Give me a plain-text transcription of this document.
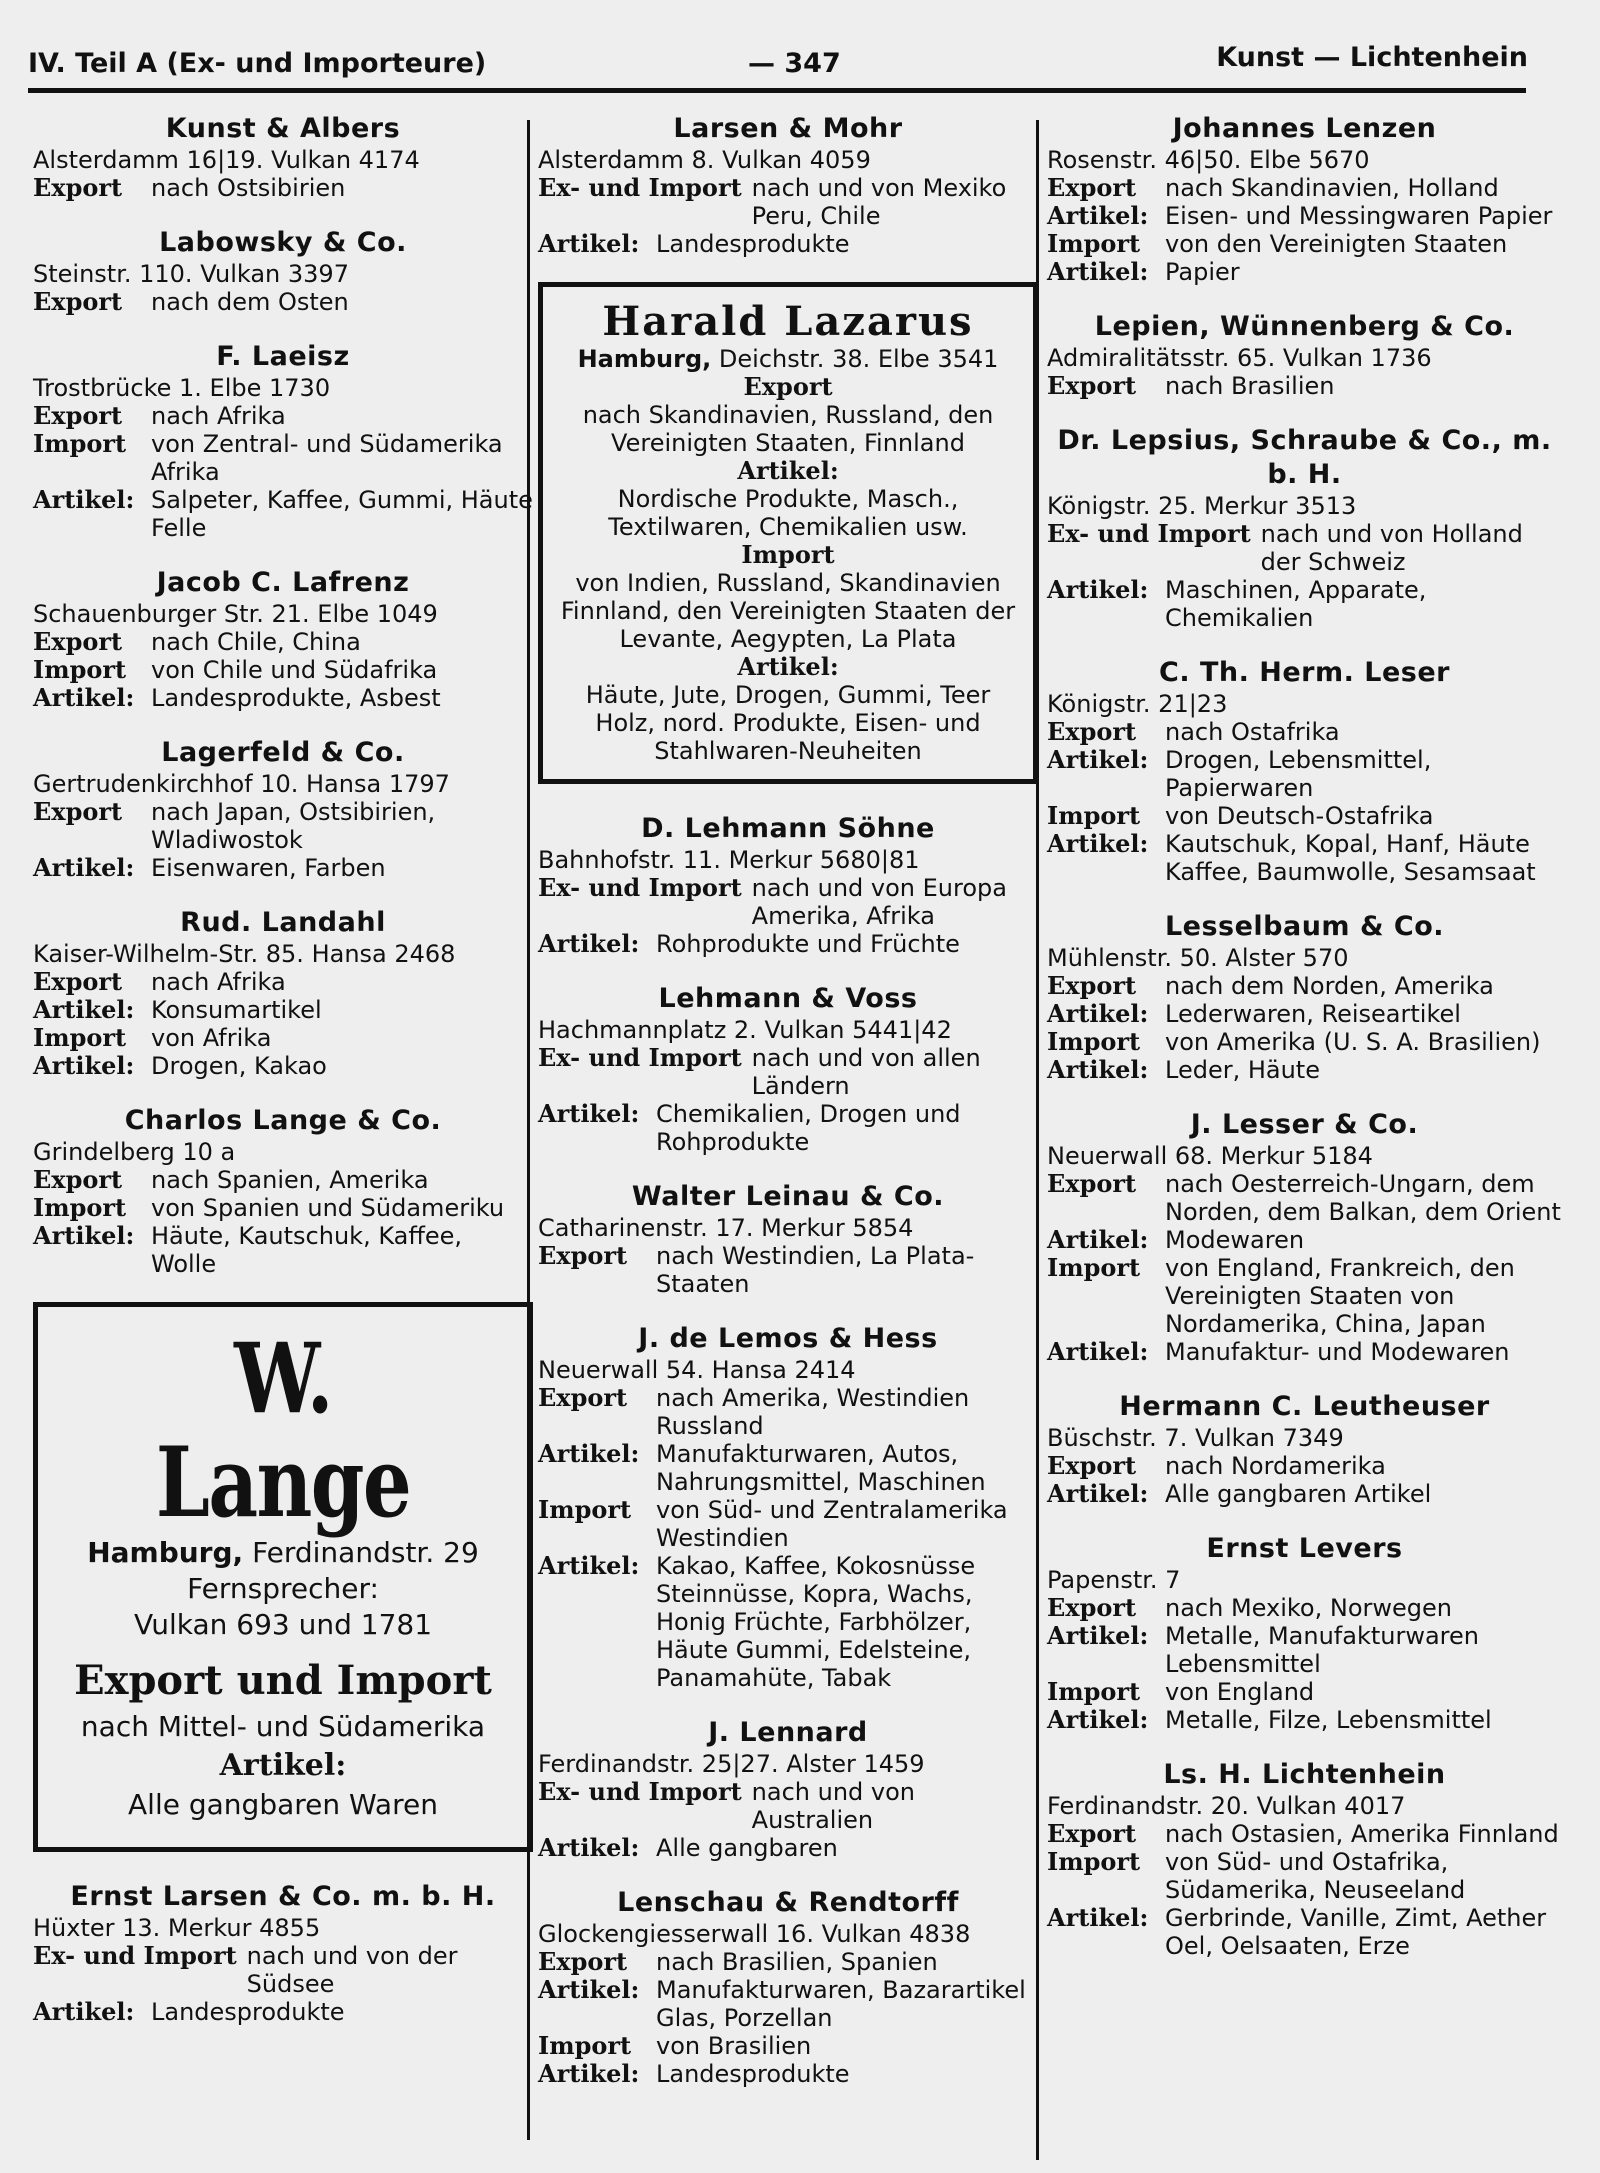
IV. Teil A (Ex- und Importeure)	— 347	Kunst — Lichtenhein
Kunst & Albers
Alsterdamm 16|19. Vulkan 4174
Export	nach Ostsibirien
Labowsky & Co.
Steinstr. 110. Vulkan 3397
Export	nach dem Osten
F. Laeisz
Trostbrücke 1. Elbe 1730
Export	nach Afrika
Import	von Zentral- und Südamerika Afrika
Artikel: Salpeter, Kaffee, Gummi, Häute Felle
Jacob C. Lafrenz
Schauenburger Str. 21. Elbe 1049
Export	nach Chile, China
Import	von Chile und Südafrika
Artikel: Landesprodukte, Asbest
Lagerfeld & Co.
Gertrudenkirchhof 10. Hansa 1797
Export	nach Japan, Ostsibirien, Wladiwostok
Artikel: Eisenwaren, Farben
Rud. Landahl
Kaiser-Wilhelm-Str. 85. Hansa 2468
Export	nach Afrika
Artikel: Konsumartikel
Import	von Afrika
Artikel: Drogen, Kakao
Charlos Lange & Co.
Grindelberg 10 a
Export	nach Spanien, Amerika
Import	von Spanien und Südameriku
Artikel: Häute, Kautschuk, Kaffee, Wolle
W. Lange
Hamburg, Ferdinandstr. 29
Fernsprecher:
Vulkan 693 und 1781
Export und Import
nach Mittel- und Südamerika
Artikel:
Alle gangbaren Waren
Ernst Larsen & Co. m. b. H.
Hüxter 13. Merkur 4855
Ex- und Import nach und von der Südsee
Artikel: Landesprodukte
Larsen & Mohr
Alsterdamm 8. Vulkan 4059
Ex- und Import nach und von Mexiko Peru, Chile
Artikel: Landesprodukte
Harald Lazarus
Hamburg, Deichstr. 38. Elbe 3541
Export
nach Skandinavien, Russland, den Vereinigten Staaten, Finnland
Artikel:
Nordische Produkte, Masch., Textilwaren, Chemikalien usw.
Import
von Indien, Russland, Skandinavien Finnland, den Vereinigten Staaten der Levante, Aegypten, La Plata
Artikel:
Häute, Jute, Drogen, Gummi, Teer Holz, nord. Produkte, Eisen- und Stahlwaren-Neuheiten
D. Lehmann Söhne
Bahnhofstr. 11. Merkur 5680|81
Ex- und Import nach und von Europa Amerika, Afrika
Artikel: Rohprodukte und Früchte
Lehmann & Voss
Hachmannplatz 2. Vulkan 5441|42
Ex- und Import nach und von allen Ländern
Artikel: Chemikalien, Drogen und Rohprodukte
Walter Leinau & Co.
Catharinenstr. 17. Merkur 5854
Export	nach Westindien, La Plata-Staaten
J. de Lemos & Hess
Neuerwall 54. Hansa 2414
Export	nach Amerika, Westindien Russland
Artikel: Manufakturwaren, Autos, Nahrungsmittel, Maschinen
Import	von Süd- und Zentralamerika Westindien
Artikel: Kakao, Kaffee, Kokosnüsse Steinnüsse, Kopra, Wachs, Honig Früchte, Farbhölzer, Häute Gummi, Edelsteine, Panamahüte, Tabak
J. Lennard
Ferdinandstr. 25|27. Alster 1459
Ex- und Import nach und von Australien
Artikel: Alle gangbaren
Lenschau & Rendtorff
Glockengiesserwall 16. Vulkan 4838
Export	nach Brasilien, Spanien
Artikel: Manufakturwaren, Bazarartikel Glas, Porzellan
Import	von Brasilien
Artikel: Landesprodukte
Johannes Lenzen
Rosenstr. 46|50. Elbe 5670
Export	nach Skandinavien, Holland
Artikel: Eisen- und Messingwaren Papier
Import	von den Vereinigten Staaten
Artikel: Papier
Lepien, Wünnenberg & Co.
Admiralitätsstr. 65. Vulkan 1736
Export	nach Brasilien
Dr. Lepsius, Schraube & Co., m. b. H.
Königstr. 25. Merkur 3513
Ex- und Import nach und von Holland der Schweiz
Artikel: Maschinen, Apparate, Chemikalien
C. Th. Herm. Leser
Königstr. 21|23
Export	nach Ostafrika
Artikel: Drogen, Lebensmittel, Papierwaren
Import	von Deutsch-Ostafrika
Artikel: Kautschuk, Kopal, Hanf, Häute Kaffee, Baumwolle, Sesamsaat
Lesselbaum & Co.
Mühlenstr. 50. Alster 570
Export	nach dem Norden, Amerika
Artikel: Lederwaren, Reiseartikel
Import	von Amerika (U. S. A. Brasilien)
Artikel: Leder, Häute
J. Lesser & Co.
Neuerwall 68. Merkur 5184
Export	nach Oesterreich-Ungarn, dem Norden, dem Balkan, dem Orient
Artikel: Modewaren
Import	von England, Frankreich, den Vereinigten Staaten von Nordamerika, China, Japan
Artikel: Manufaktur- und Modewaren
Hermann C. Leutheuser
Büschstr. 7. Vulkan 7349
Export	nach Nordamerika
Artikel: Alle gangbaren Artikel
Ernst Levers
Papenstr. 7
Export	nach Mexiko, Norwegen
Artikel: Metalle, Manufakturwaren Lebensmittel
Import	von England
Artikel: Metalle, Filze, Lebensmittel
Ls. H. Lichtenhein
Ferdinandstr. 20. Vulkan 4017
Export	nach Ostasien, Amerika Finnland
Import	von Süd- und Ostafrika, Südamerika, Neuseeland
Artikel: Gerbrinde, Vanille, Zimt, Aether Oel, Oelsaaten, Erze
